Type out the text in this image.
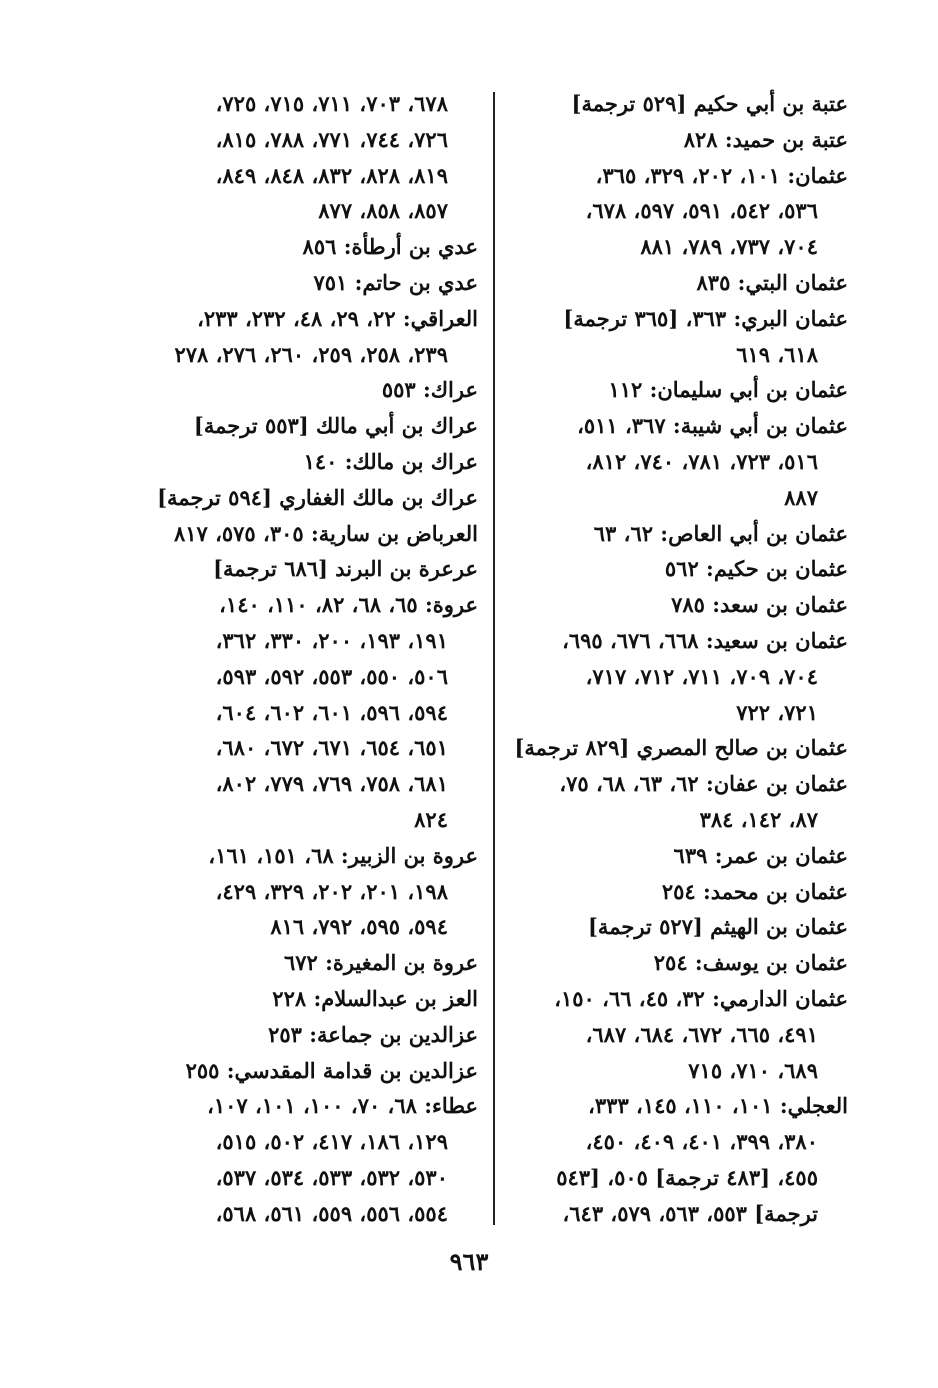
عتبة بن أبي حكيم [٥٢٩ ترجمة]
عتبة بن حميد: ٨٢٨
عثمان: ١٠١، ٢٠٢، ٣٢٩، ٣٦٥،
٥٣٦، ٥٤٢، ٥٩١، ٥٩٧، ٦٧٨،
٧٠٤، ٧٣٧، ٧٨٩، ٨٨١
عثمان البتي: ٨٣٥
عثمان البري: ٣٦٣، [٣٦٥ ترجمة]
٦١٨، ٦١٩
عثمان بن أبي سليمان: ١١٢
عثمان بن أبي شيبة: ٣٦٧، ٥١١،
٥١٦، ٧٢٣، ٧٨١، ٧٤٠، ٨١٢،
٨٨٧
عثمان بن أبي العاص: ٦٢، ٦٣
عثمان بن حكيم: ٥٦٢
عثمان بن سعد: ٧٨٥
عثمان بن سعيد: ٦٦٨، ٦٧٦، ٦٩٥،
٧٠٤، ٧٠٩، ٧١١، ٧١٢، ٧١٧،
٧٢١، ٧٢٢
عثمان بن صالح المصري [٨٢٩ ترجمة]
عثمان بن عفان: ٦٢، ٦٣، ٦٨، ٧٥،
٨٧، ١٤٢، ٣٨٤
عثمان بن عمر: ٦٣٩
عثمان بن محمد: ٢٥٤
عثمان بن الهيثم [٥٢٧ ترجمة]
عثمان بن يوسف: ٢٥٤
عثمان الدارمي: ٣٢، ٤٥، ٦٦، ١٥٠،
٤٩١، ٦٦٥، ٦٧٢، ٦٨٤، ٦٨٧،
٦٨٩، ٧١٠، ٧١٥
العجلي: ١٠١، ١١٠، ١٤٥، ٣٣٣،
٣٨٠، ٣٩٩، ٤٠١، ٤٠٩، ٤٥٠،
٤٥٥، [٤٨٣ ترجمة] ٥٠٥، [٥٤٣
ترجمة] ٥٥٣، ٥٦٣، ٥٧٩، ٦٤٣،
٦٧٨، ٧٠٣، ٧١١، ٧١٥، ٧٢٥،
٧٢٦، ٧٤٤، ٧٧١، ٧٨٨، ٨١٥،
٨١٩، ٨٢٨، ٨٣٢، ٨٤٨، ٨٤٩،
٨٥٧، ٨٥٨، ٨٧٧
عدي بن أرطأة: ٨٥٦
عدي بن حاتم: ٧٥١
العراقي: ٢٢، ٢٩، ٤٨، ٢٣٢، ٢٣٣،
٢٣٩، ٢٥٨، ٢٥٩، ٢٦٠، ٢٧٦، ٢٧٨
عراك: ٥٥٣
عراك بن أبي مالك [٥٥٣ ترجمة]
عراك بن مالك: ١٤٠
عراك بن مالك الغفاري [٥٩٤ ترجمة]
العرباض بن سارية: ٣٠٥، ٥٧٥، ٨١٧
عرعرة بن البرند [٦٨٦ ترجمة]
عروة: ٦٥، ٦٨، ٨٢، ١١٠، ١٤٠،
١٩١، ١٩٣، ٢٠٠، ٣٣٠، ٣٦٢،
٥٠٦، ٥٥٠، ٥٥٣، ٥٩٢، ٥٩٣،
٥٩٤، ٥٩٦، ٦٠١، ٦٠٢، ٦٠٤،
٦٥١، ٦٥٤، ٦٧١، ٦٧٢، ٦٨٠،
٦٨١، ٧٥٨، ٧٦٩، ٧٧٩، ٨٠٢،
٨٢٤
عروة بن الزبير: ٦٨، ١٥١، ١٦١،
١٩٨، ٢٠١، ٢٠٢، ٣٢٩، ٤٢٩،
٥٩٤، ٥٩٥، ٧٩٢، ٨١٦
عروة بن المغيرة: ٦٧٢
العز بن عبدالسلام: ٢٢٨
عزالدين بن جماعة: ٢٥٣
عزالدين بن قدامة المقدسي: ٢٥٥
عطاء: ٦٨، ٧٠، ١٠٠، ١٠١، ١٠٧،
١٢٩، ١٨٦، ٤١٧، ٥٠٢، ٥١٥،
٥٣٠، ٥٣٢، ٥٣٣، ٥٣٤، ٥٣٧،
٥٥٤، ٥٥٦، ٥٥٩، ٥٦١، ٥٦٨،
٩٦٣
